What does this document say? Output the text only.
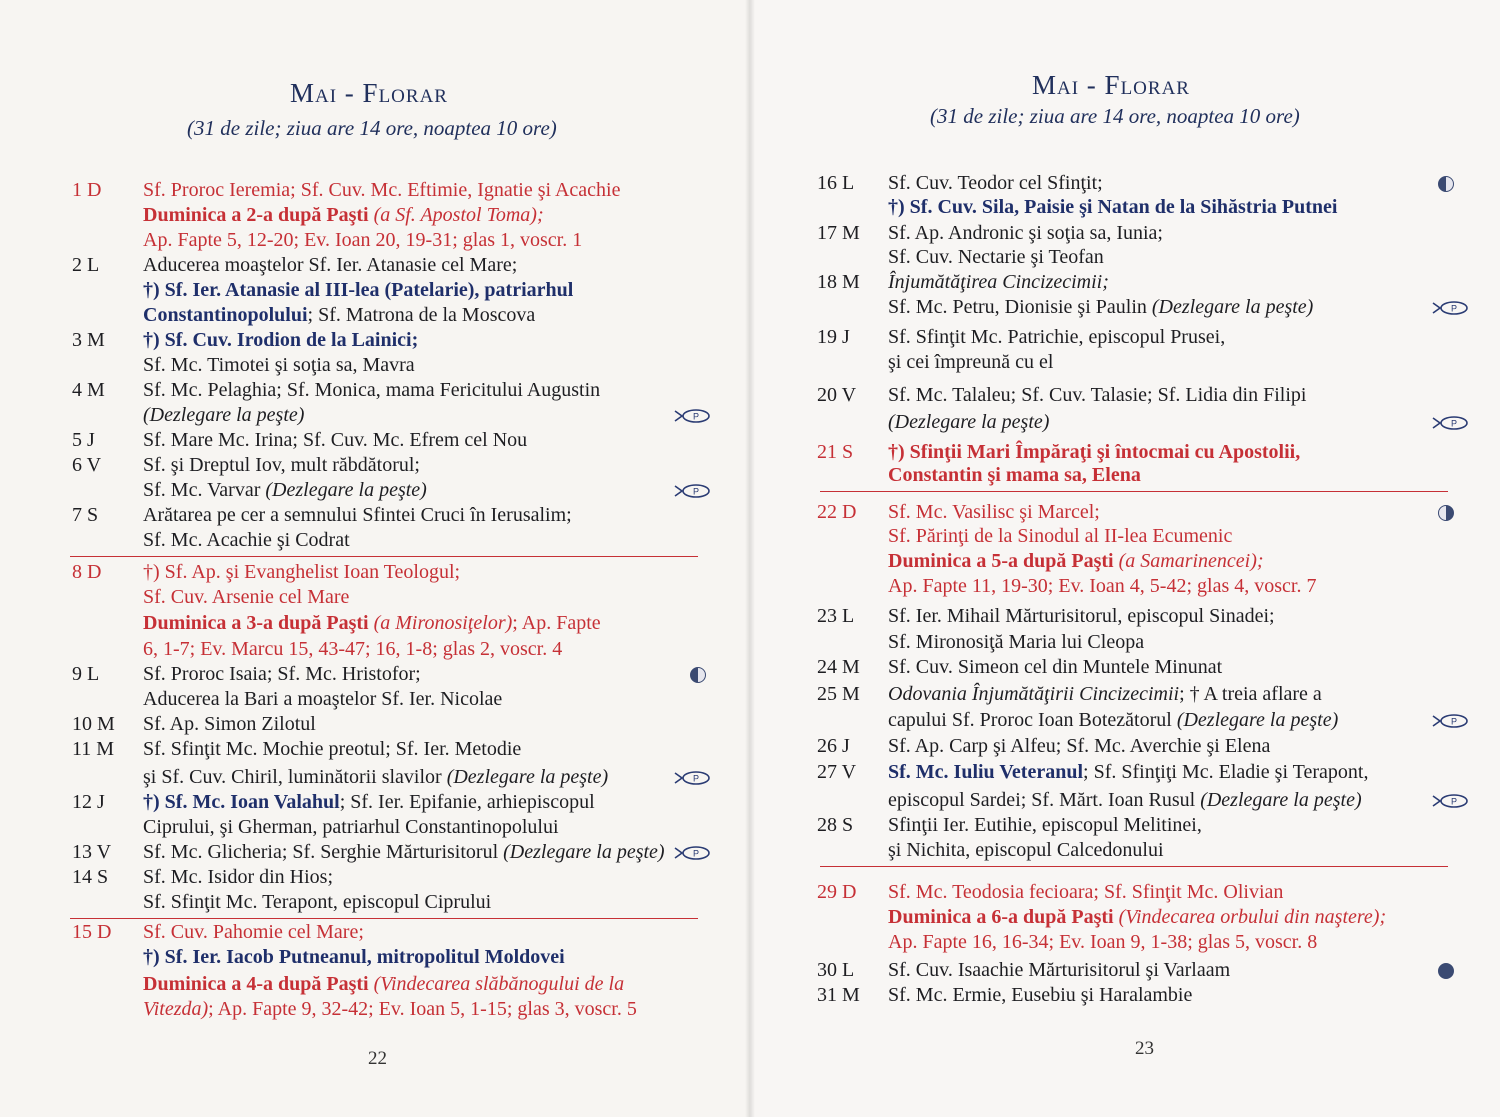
Mai - Florar
(31 de zile; ziua are 14 ore, noaptea 10 ore)
1 D Sf. Proroc Ieremia; Sf. Cuv. Mc. Eftimie, Ignatie şi Acachie
Duminica a 2-a după Paşti (a Sf. Apostol Toma);
Ap. Fapte 5, 12-20; Ev. Ioan 20, 19-31; glas 1, voscr. 1
2 L Aducerea moaştelor Sf. Ier. Atanasie cel Mare;
†) Sf. Ier. Atanasie al III-lea (Patelarie), patriarhul
Constantinopolului; Sf. Matrona de la Moscova
3 M †) Sf. Cuv. Irodion de la Lainici;
Sf. Mc. Timotei şi soţia sa, Mavra
4 M Sf. Mc. Pelaghia; Sf. Monica, mama Fericitului Augustin
(Dezlegare la peşte)	P
5 J Sf. Mare Mc. Irina; Sf. Cuv. Mc. Efrem cel Nou
6 V Sf. şi Dreptul Iov, mult răbdătorul;
Sf. Mc. Varvar (Dezlegare la peşte)	P
7 S Arătarea pe cer a semnului Sfintei Cruci în Ierusalim;
Sf. Mc. Acachie şi Codrat
8 D †) Sf. Ap. şi Evanghelist Ioan Teologul;
Sf. Cuv. Arsenie cel Mare
Duminica a 3-a după Paşti (a Mironosiţelor); Ap. Fapte
6, 1-7; Ev. Marcu 15, 43-47; 16, 1-8; glas 2, voscr. 4
9 L Sf. Proroc Isaia; Sf. Mc. Hristofor;
Aducerea la Bari a moaştelor Sf. Ier. Nicolae
10 M Sf. Ap. Simon Zilotul
11 M Sf. Sfinţit Mc. Mochie preotul; Sf. Ier. Metodie
şi Sf. Cuv. Chiril, luminătorii slavilor (Dezlegare la peşte)	P
12 J †) Sf. Mc. Ioan Valahul; Sf. Ier. Epifanie, arhiepiscopul
Ciprului, şi Gherman, patriarhul Constantinopolului
13 V Sf. Mc. Glicheria; Sf. Serghie Mărturisitorul (Dezlegare la peşte)	P
14 S Sf. Mc. Isidor din Hios;
Sf. Sfinţit Mc. Terapont, episcopul Ciprului
15 D Sf. Cuv. Pahomie cel Mare;
†) Sf. Ier. Iacob Putneanul, mitropolitul Moldovei
Duminica a 4-a după Paşti (Vindecarea slăbănogului de la
Vitezda); Ap. Fapte 9, 32-42; Ev. Ioan 5, 1-15; glas 3, voscr. 5
22
Mai - Florar
(31 de zile; ziua are 14 ore, noaptea 10 ore)
16 L Sf. Cuv. Teodor cel Sfinţit;
†) Sf. Cuv. Sila, Paisie şi Natan de la Sihăstria Putnei
17 M Sf. Ap. Andronic şi soţia sa, Iunia;
Sf. Cuv. Nectarie şi Teofan
18 M Înjumătăţirea Cincizecimii;
Sf. Mc. Petru, Dionisie şi Paulin (Dezlegare la peşte)	P
19 J Sf. Sfinţit Mc. Patrichie, episcopul Prusei,
şi cei împreună cu el
20 V Sf. Mc. Talaleu; Sf. Cuv. Talasie; Sf. Lidia din Filipi
(Dezlegare la peşte)	P
21 S †) Sfinţii Mari Împăraţi şi întocmai cu Apostolii,
Constantin şi mama sa, Elena
22 D Sf. Mc. Vasilisc şi Marcel;
Sf. Părinţi de la Sinodul al II-lea Ecumenic
Duminica a 5-a după Paşti (a Samarinencei);
Ap. Fapte 11, 19-30; Ev. Ioan 4, 5-42; glas 4, voscr. 7
23 L Sf. Ier. Mihail Mărturisitorul, episcopul Sinadei;
Sf. Mironosiţă Maria lui Cleopa
24 M Sf. Cuv. Simeon cel din Muntele Minunat
25 M Odovania Înjumătăţirii Cincizecimii; † A treia aflare a
capului Sf. Proroc Ioan Botezătorul (Dezlegare la peşte)	P
26 J Sf. Ap. Carp şi Alfeu; Sf. Mc. Averchie şi Elena
27 V Sf. Mc. Iuliu Veteranul; Sf. Sfinţiţi Mc. Eladie şi Terapont,
episcopul Sardei; Sf. Mărt. Ioan Rusul (Dezlegare la peşte)	P
28 S Sfinţii Ier. Eutihie, episcopul Melitinei,
şi Nichita, episcopul Calcedonului
29 D Sf. Mc. Teodosia fecioara; Sf. Sfinţit Mc. Olivian
Duminica a 6-a după Paşti (Vindecarea orbului din naştere);
Ap. Fapte 16, 16-34; Ev. Ioan 9, 1-38; glas 5, voscr. 8
30 L Sf. Cuv. Isaachie Mărturisitorul şi Varlaam
31 M Sf. Mc. Ermie, Eusebiu şi Haralambie
23
